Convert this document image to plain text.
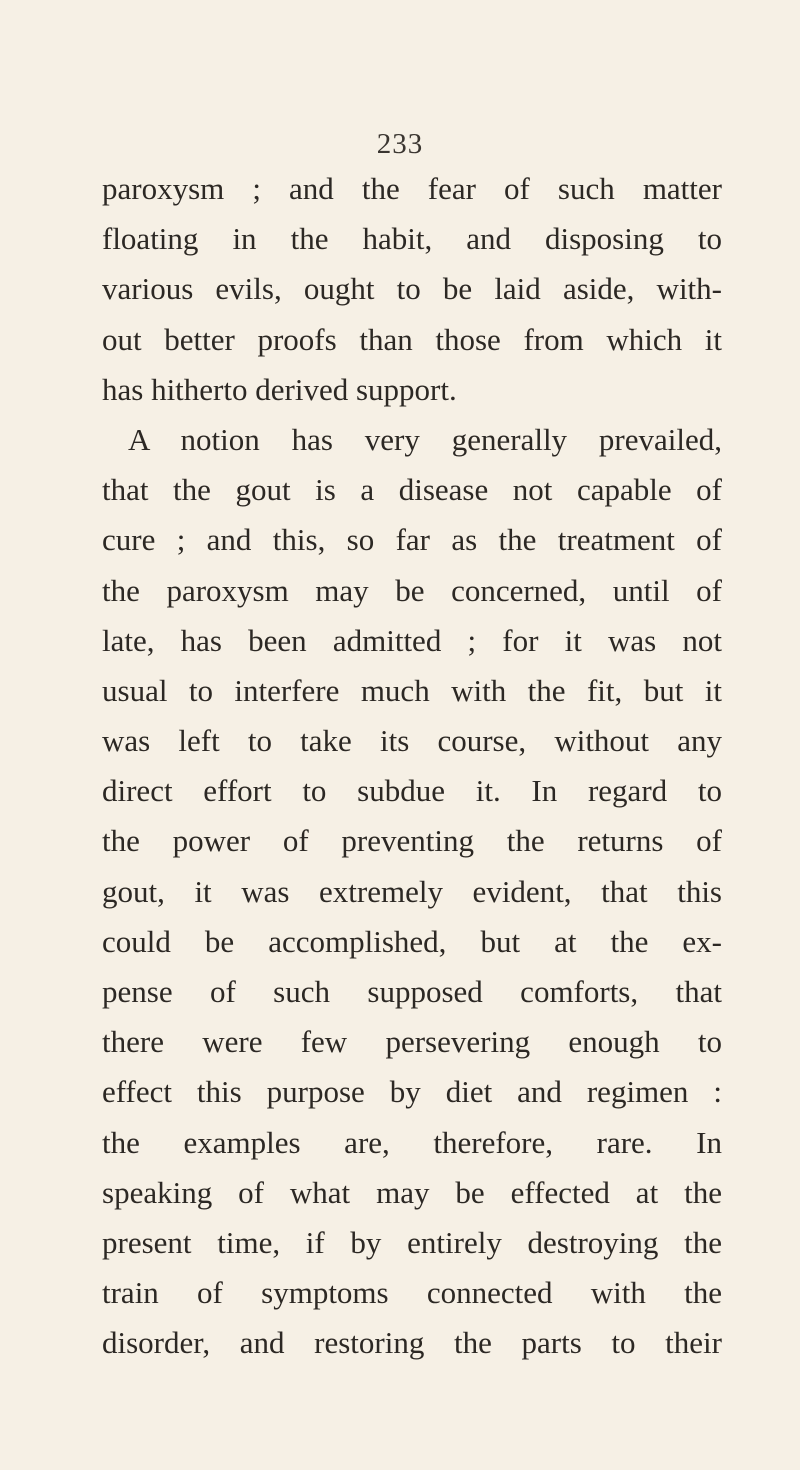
233
paroxysm ; and the fear of such matter
floating in the habit, and disposing to
various evils, ought to be laid aside, with-
out better proofs than those from which it
has hitherto derived support.
A notion has very generally prevailed,
that the gout is a disease not capable of
cure ; and this, so far as the treatment of
the paroxysm may be concerned, until of
late, has been admitted ; for it was not
usual to interfere much with the fit, but it
was left to take its course, without any
direct effort to subdue it. In regard to
the power of preventing the returns of
gout, it was extremely evident, that this
could be accomplished, but at the ex-
pense of such supposed comforts, that
there were few persevering enough to
effect this purpose by diet and regimen :
the examples are, therefore, rare. In
speaking of what may be effected at the
present time, if by entirely destroying the
train of symptoms connected with the
disorder, and restoring the parts to their
